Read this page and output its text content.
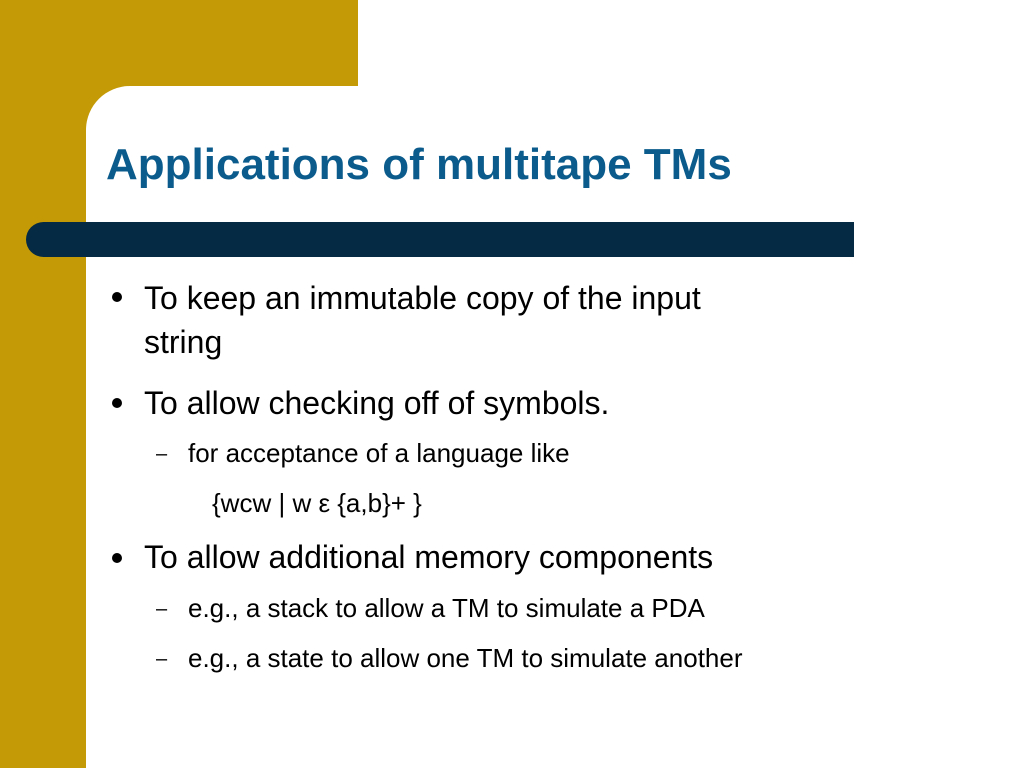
Applications of multitape TMs
To keep an immutable copy of the input
string
To allow checking off of symbols.
– for acceptance of a language like
{wcw | w ε {a,b}+ }
To allow additional memory components
– e.g., a stack to allow a TM to simulate a PDA
– e.g., a state to allow one TM to simulate another
